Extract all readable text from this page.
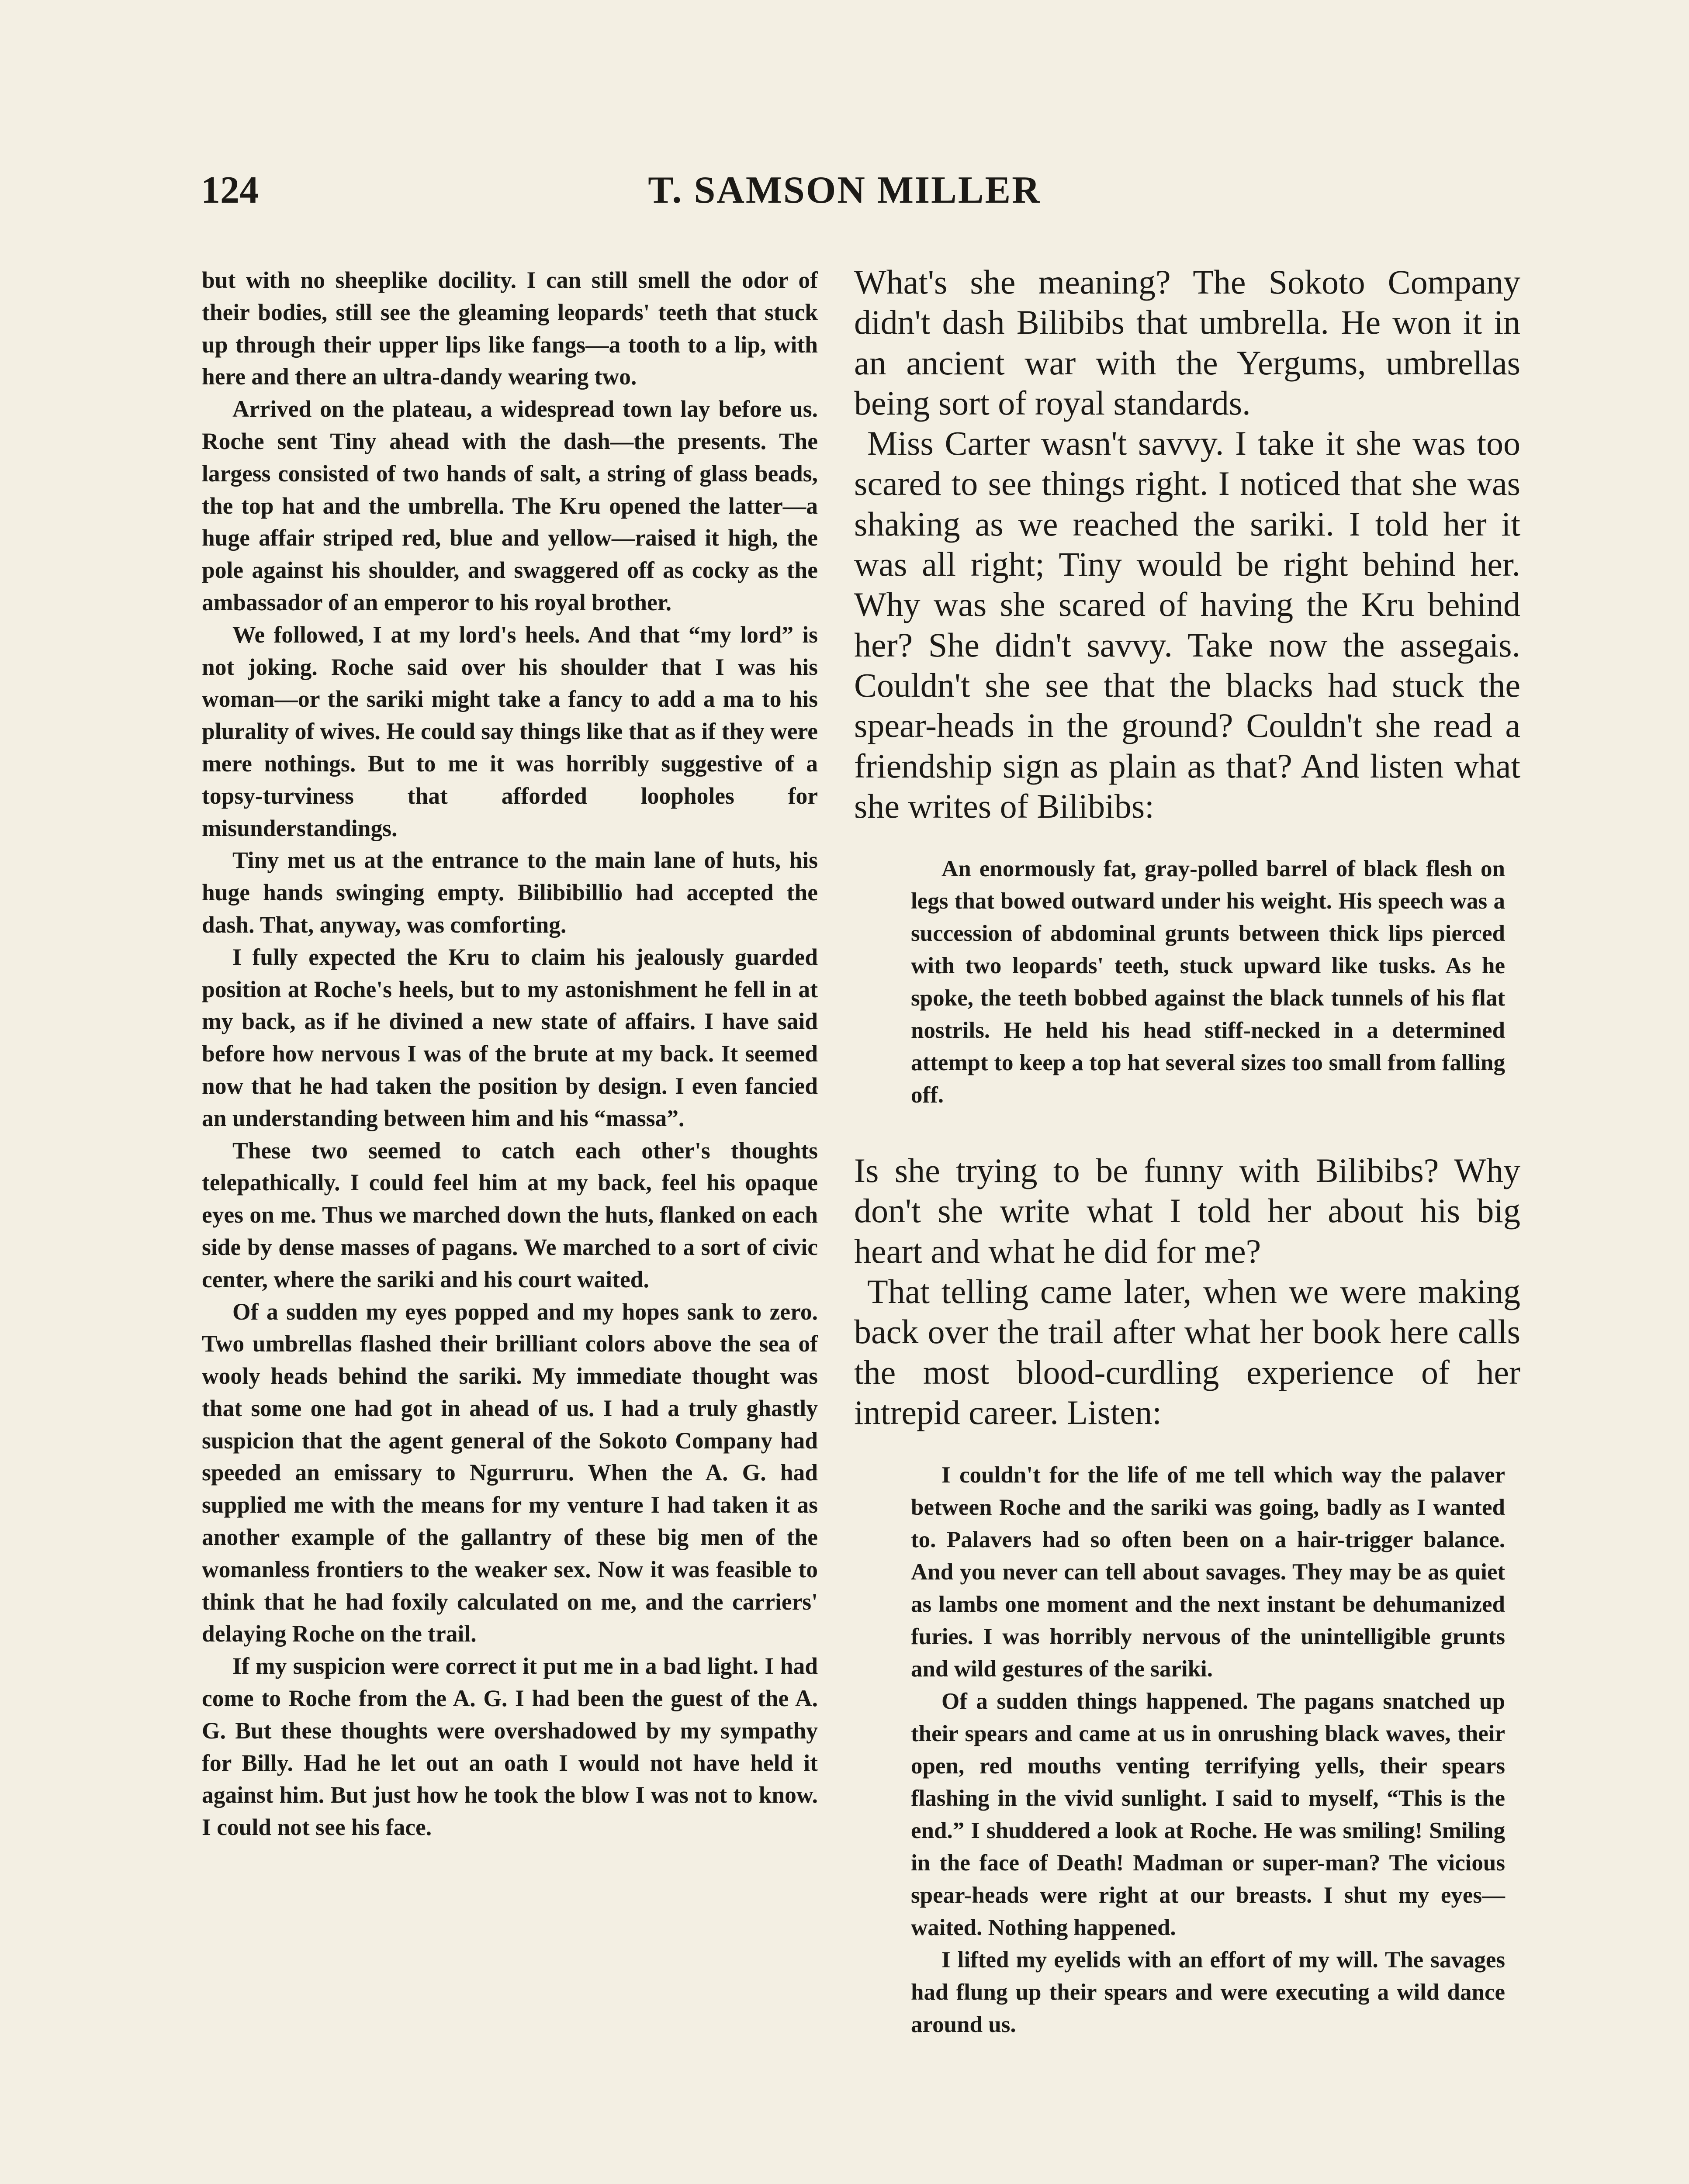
124	T. SAMSON MILLER

but with no sheeplike docility. I can still smell the odor of their bodies, still see the gleaming leopards' teeth that stuck up through their upper lips like fangs—a tooth to a lip, with here and there an ultra-dandy wearing two.

Arrived on the plateau, a widespread town lay before us. Roche sent Tiny ahead with the dash—the presents. The largess consisted of two hands of salt, a string of glass beads, the top hat and the umbrella. The Kru opened the latter—a huge affair striped red, blue and yellow—raised it high, the pole against his shoulder, and swaggered off as cocky as the ambassador of an emperor to his royal brother.

We followed, I at my lord's heels. And that “my lord” is not joking. Roche said over his shoulder that I was his woman—or the sariki might take a fancy to add a ma to his plurality of wives. He could say things like that as if they were mere nothings. But to me it was horribly suggestive of a topsy-turviness that afforded loopholes for misunderstandings.

Tiny met us at the entrance to the main lane of huts, his huge hands swinging empty. Bilibibillio had accepted the dash. That, anyway, was comforting.

I fully expected the Kru to claim his jealously guarded position at Roche's heels, but to my astonishment he fell in at my back, as if he divined a new state of affairs. I have said before how nervous I was of the brute at my back. It seemed now that he had taken the position by design. I even fancied an understanding between him and his “massa”.

These two seemed to catch each other's thoughts telepathically. I could feel him at my back, feel his opaque eyes on me. Thus we marched down the huts, flanked on each side by dense masses of pagans. We marched to a sort of civic center, where the sariki and his court waited.

Of a sudden my eyes popped and my hopes sank to zero. Two umbrellas flashed their brilliant colors above the sea of wooly heads behind the sariki. My immediate thought was that some one had got in ahead of us. I had a truly ghastly suspicion that the agent general of the Sokoto Company had speeded an emissary to Ngurruru. When the A. G. had supplied me with the means for my venture I had taken it as another example of the gallantry of these big men of the womanless frontiers to the weaker sex. Now it was feasible to think that he had foxily calculated on me, and the carriers' delaying Roche on the trail.

If my suspicion were correct it put me in a bad light. I had come to Roche from the A. G. I had been the guest of the A. G. But these thoughts were overshadowed by my sympathy for Billy. Had he let out an oath I would not have held it against him. But just how he took the blow I was not to know. I could not see his face.

What's she meaning? The Sokoto Company didn't dash Bilibibs that umbrella. He won it in an ancient war with the Yergums, umbrellas being sort of royal standards.

Miss Carter wasn't savvy. I take it she was too scared to see things right. I noticed that she was shaking as we reached the sariki. I told her it was all right; Tiny would be right behind her. Why was she scared of having the Kru behind her? She didn't savvy. Take now the assegais. Couldn't she see that the blacks had stuck the spear-heads in the ground? Couldn't she read a friendship sign as plain as that? And listen what she writes of Bilibibs:

An enormously fat, gray-polled barrel of black flesh on legs that bowed outward under his weight. His speech was a succession of abdominal grunts between thick lips pierced with two leopards' teeth, stuck upward like tusks. As he spoke, the teeth bobbed against the black tunnels of his flat nostrils. He held his head stiff-necked in a determined attempt to keep a top hat several sizes too small from falling off.

Is she trying to be funny with Bilibibs? Why don't she write what I told her about his big heart and what he did for me?

That telling came later, when we were making back over the trail after what her book here calls the most blood-curdling experience of her intrepid career. Listen:

I couldn't for the life of me tell which way the palaver between Roche and the sariki was going, badly as I wanted to. Palavers had so often been on a hair-trigger balance. And you never can tell about savages. They may be as quiet as lambs one moment and the next instant be dehumanized furies. I was horribly nervous of the unintelligible grunts and wild gestures of the sariki.

Of a sudden things happened. The pagans snatched up their spears and came at us in onrushing black waves, their open, red mouths venting terrifying yells, their spears flashing in the vivid sunlight. I said to myself, “This is the end.” I shuddered a look at Roche. He was smiling! Smiling in the face of Death! Madman or super-man? The vicious spear-heads were right at our breasts. I shut my eyes—waited. Nothing happened.

I lifted my eyelids with an effort of my will. The savages had flung up their spears and were executing a wild dance around us.
